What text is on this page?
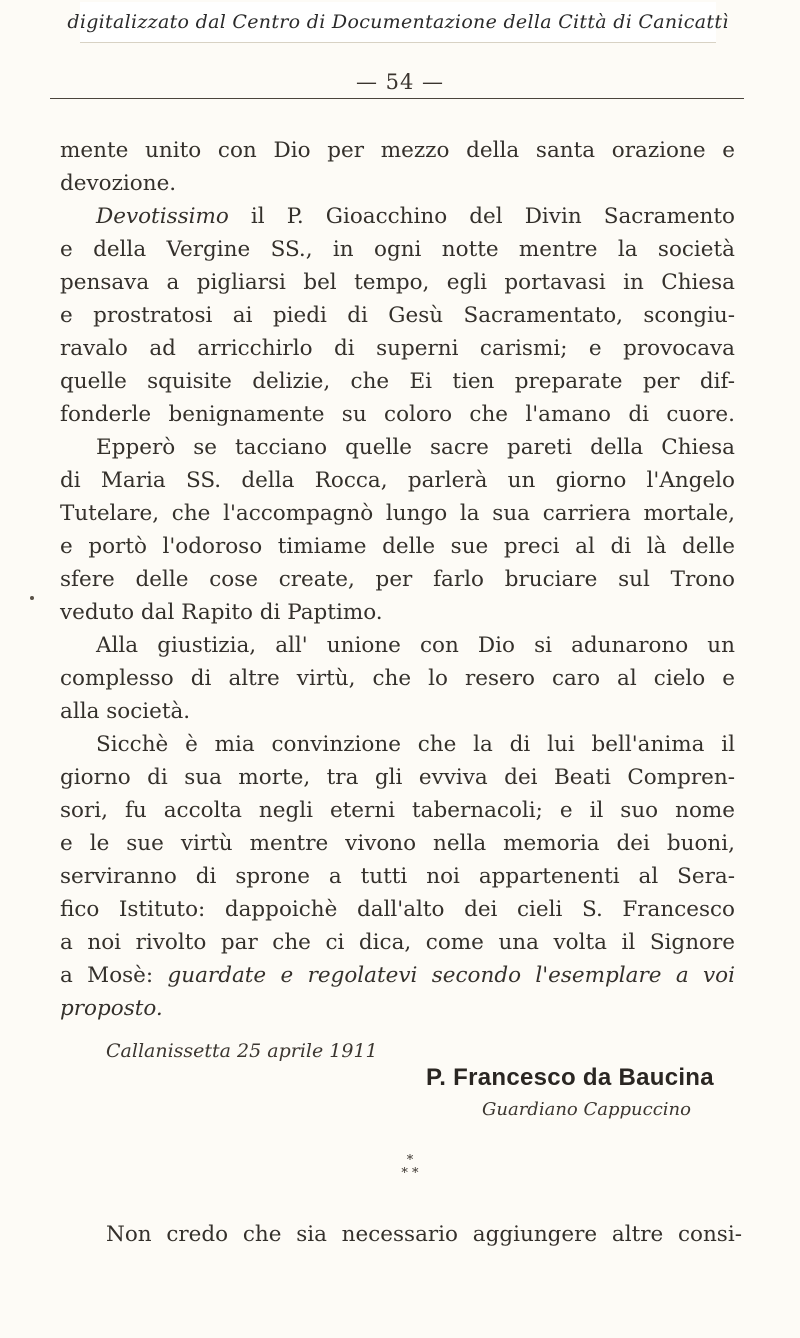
digitalizzato dal Centro di Documentazione della Città di Canicattì
— 54 —
mente unito con Dio per mezzo della santa orazione e
devozione.
Devotissimo il P. Gioacchino del Divin Sacramento
e della Vergine SS., in ogni notte mentre la società
pensava a pigliarsi bel tempo, egli portavasi in Chiesa
e prostratosi ai piedi di Gesù Sacramentato, scongiu-
ravalo ad arricchirlo di superni carismi; e provocava
quelle squisite delizie, che Ei tien preparate per dif-
fonderle benignamente su coloro che l'amano di cuore.
Epperò se tacciano quelle sacre pareti della Chiesa
di Maria SS. della Rocca, parlerà un giorno l'Angelo
Tutelare, che l'accompagnò lungo la sua carriera mortale,
e portò l'odoroso timiame delle sue preci al di là delle
sfere delle cose create, per farlo bruciare sul Trono
veduto dal Rapito di Paptimo.
Alla giustizia, all' unione con Dio si adunarono un
complesso di altre virtù, che lo resero caro al cielo e
alla società.
Sicchè è mia convinzione che la di lui bell'anima il
giorno di sua morte, tra gli evviva dei Beati Compren-
sori, fu accolta negli eterni tabernacoli; e il suo nome
e le sue virtù mentre vivono nella memoria dei buoni,
serviranno di sprone a tutti noi appartenenti al Sera-
fico Istituto: dappoichè dall'alto dei cieli S. Francesco
a noi rivolto par che ci dica, come una volta il Signore
a Mosè: guardate e regolatevi secondo l'esemplare a voi
proposto.
Callanissetta 25 aprile 1911
P. Francesco da Baucina
Guardiano Cappuccino
*
* *
Non credo che sia necessario aggiungere altre consi-
